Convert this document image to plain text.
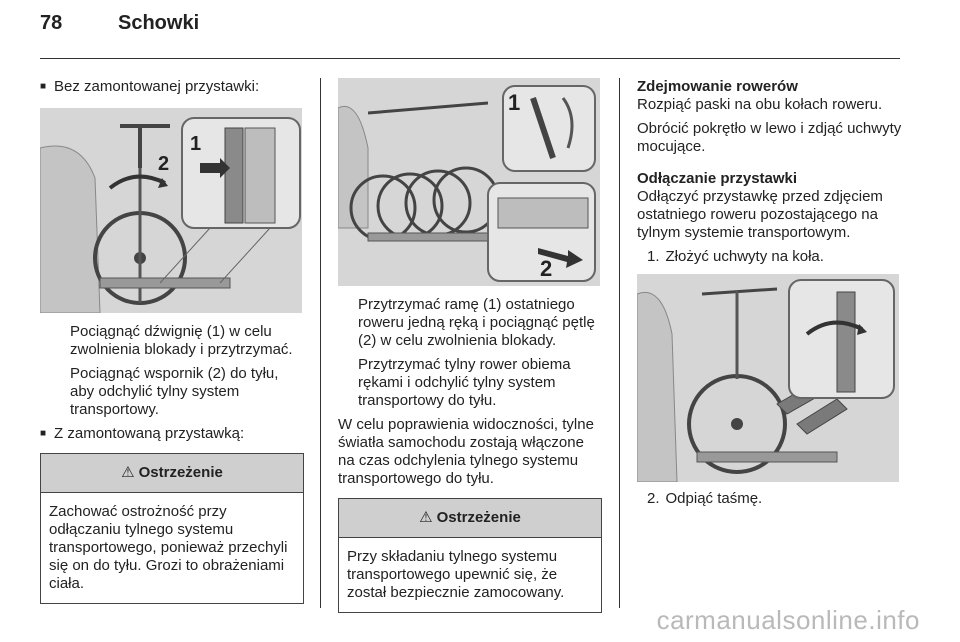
78	Schowki
■ Bez zamontowanej przystawki:
2
1

Pociągnąć dźwignię (1) w celu zwolnienia blokady i przytrzymać.

Pociągnąć wspornik (2) do tyłu, aby odchylić tylny system transportowy.

■ Z zamontowaną przystawką:
⚠ Ostrzeżenie
Zachować ostrożność przy odłączaniu tylnego systemu transportowego, ponieważ przechyli się on do tyłu. Grozi to obrażeniami ciała.
1
2

Przytrzymać ramę (1) ostatniego roweru jedną ręką i pociągnąć pętlę (2) w celu zwolnienia blokady.

Przytrzymać tylny rower obiema rękami i odchylić tylny system transportowy do tyłu.

W celu poprawienia widoczności, tylne światła samochodu zostają włączone na czas odchylenia tylnego systemu transportowego do tyłu.

⚠ Ostrzeżenie
Przy składaniu tylnego systemu transportowego upewnić się, że został bezpiecznie zamocowany.

Zdejmowanie rowerów

Rozpiąć paski na obu kołach roweru.

Obrócić pokrętło w lewo i zdjąć uchwyty mocujące.

Odłączanie przystawki

Odłączyć przystawkę przed zdjęciem ostatniego roweru pozostającego na tylnym systemie transportowym.

1. Złożyć uchwyty na koła.
2. Odpiąć taśmę.
carmanualsonline.info
